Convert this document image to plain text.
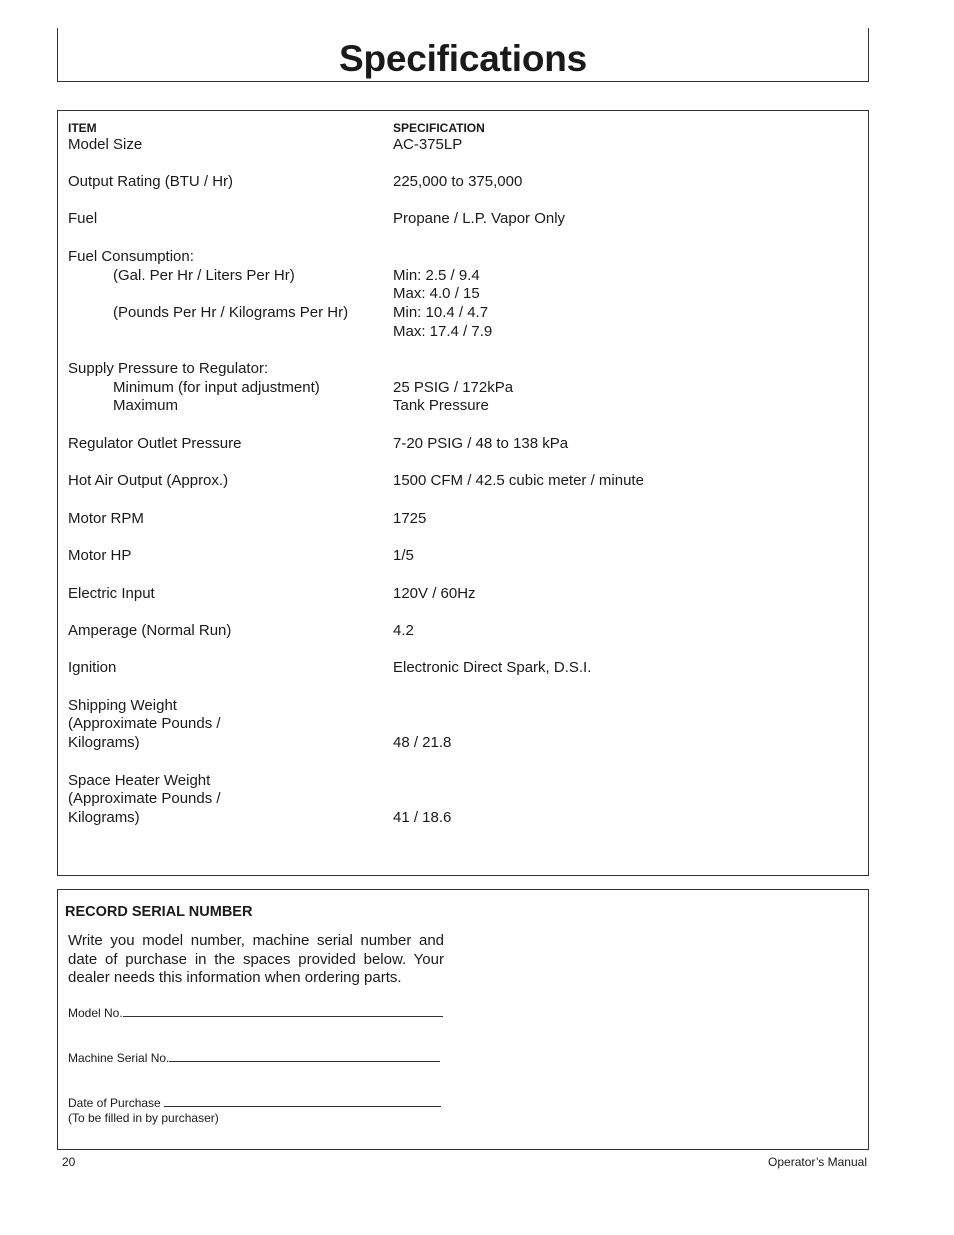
Specifications
ITEM	SPECIFICATION
Model Size	AC-375LP
Output Rating (BTU / Hr)	225,000 to 375,000
Fuel	Propane / L.P. Vapor Only
Fuel Consumption:
(Gal. Per Hr / Liters Per Hr)	Min: 2.5 / 9.4
Max: 4.0 / 15
(Pounds Per Hr / Kilograms Per Hr)	Min: 10.4 / 4.7
Max: 17.4 / 7.9
Supply Pressure to Regulator:
Minimum (for input adjustment)	25 PSIG / 172kPa
Maximum	Tank Pressure
Regulator Outlet Pressure	7-20 PSIG / 48 to 138 kPa
Hot Air Output (Approx.)	1500 CFM / 42.5 cubic meter / minute
Motor RPM	1725
Motor HP	1/5
Electric Input	120V / 60Hz
Amperage (Normal Run)	4.2
Ignition	Electronic Direct Spark, D.S.I.
Shipping Weight
(Approximate Pounds /
Kilograms)	48 / 21.8
Space Heater Weight
(Approximate Pounds /
Kilograms)	41 / 18.6
RECORD SERIAL NUMBER

Write you model number, machine serial number and date of purchase in the spaces provided below. Your dealer needs this information when ordering parts.

Model No.
Machine Serial No.
Date of Purchase
(To be filled in by purchaser)
20	Operator’s Manual
